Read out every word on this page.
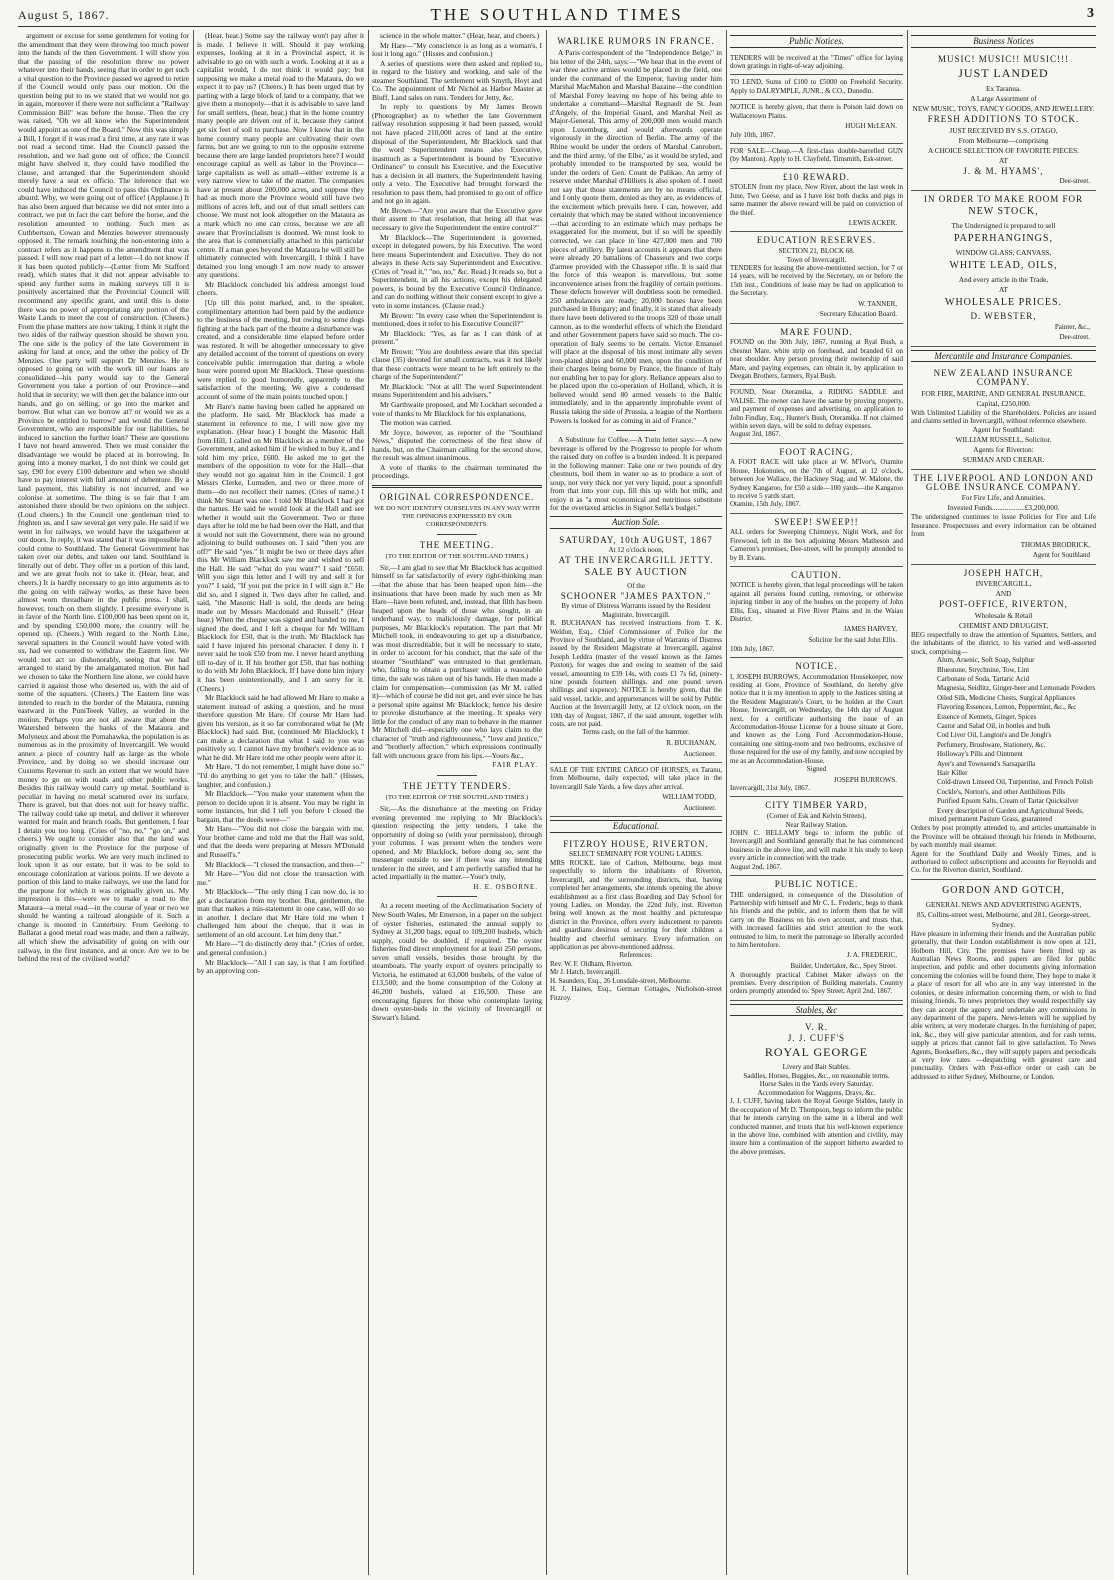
August 5, 1867.	THE SOUTHLAND TIMES	3

argument or excuse for some gentlemen for voting for the amendment that they were throwing too much power into the hands of the then Government. I will show you that the passing of the resolution threw no power whatever into their hands, seeing that in order to get such a vital question to the Province passed we agreed to retire if the Council would only pass our motion. On the question being put to us we stated that we would not go in again, moreover if there were not sufficient a "Railway Commission Bill" was before the house. Then the cry was raised, "Oh we all know who the Superintendent would appoint as one of the Board." Now this was simply a Bill, I forget if it was read a first time, at any rate it was not read a second time. Had the Council passed the resolution, and we had gone out of office, the Council might have shelved it, they could have modified the clause, and arranged that the Superintendent should merely have a seat ex officio. The inference that we could have induced the Council to pass this Ordinance is absurd. Why, we were going out of office! (Applause.) It has also been argued that because we did not enter into a contract, we put in fact the cart before the horse, and the resolution amounted to nothing. Such men as Cuthbertson, Cowan and Menzies however strenuously opposed it. The remark touching the non-entering into a contract refers as it happens to the amendment that was passed. I will now read part of a letter—I do not know if it has been quoted publicly—(Letter from Mr Stafford read), which states that it did not appear advisable to spend any further sums in making surveys till it is positively ascertained that the Provincial Council will recommend any specific grant, and until this is done there was no power of appropriating any portion of the Waste Lands to meet the cost of construction. (Cheers.) From the phase matters are now taking, I think it right the two sides of the railway question should be shown you. The one side is the policy of the late Government in asking for land at once, and the other the policy of Dr Menzies. One party will support Dr Menzies. He is opposed to going on with the work till our loans are consolidated—his party would say to the General Government you take a portion of our Province—and hold that in security; we will then get the balance into our hands, and go on selling, or go into the market and borrow. But what can we borrow at? or would we as a Province be entitled to borrow? and would the General Government, who are responsible for our liabilities, be induced to sanction the further loan? These are questions I have not heard answered. Then we must consider the disadvantage we would be placed at in borrowing. In going into a money market, I do not think we could get say, £90 for every £100 debenture and when we should have to pay interest with full amount of debenture. By a land payment, this liability is not incurred, and we colonise at sometime. The thing is so fair that I am astonished there should be two opinions on the subject. (Loud cheers.) In the Council one gentleman tried to frighten us, and I saw several get very pale. He said if we went in for railways, we would have the taxgatherer at our doors. In reply, it was stated that it was impossible he could come to Southland. The General Government has taken over our debts, and taken our land. Southland is literally out of debt. They offer us a portion of this land, and we are great fools not to take it. (Hear, hear, and cheers.) It is hardly necessary to go into arguments as to the going on with railway works, as these have been almost worn threadbare in the public press. I shall, however, touch on them slightly. I presume everyone is in favor of the North line. £100,000 has been spent on it, and by spending £50,000 more, the country will be opened up. (Cheers.) With regard to the North Line, several squatters in the Council would have voted with us, had we consented to withdraw the Eastern line. We would not act so dishonorably, seeing that we had arranged to stand by the amalgamated motion. But had we chosen to take the Northern line alone, we could have carried it against those who deserted us, with the aid of some of the squatters. (Cheers.) The Eastern line was intended to reach to the border of the Mataura, running eastward in the PuniTeeek Valley, as worded in the motion. Perhaps you are not all aware that about the Watershed between the banks of the Mataura and Molyneux and about the Pomahawka, the population is as numerous as in the proximity of Invercargill. We would annex a piece of country half as large as the whole Province, and by doing so we should increase our Customs Revenue to such an extent that we would have money to go on with roads and other public works. Besides this railway would carry up metal. Southland is peculiar in having no metal scattered over its surface. There is gravel, but that does not suit for heavy traffic. The railway could take up metal, and deliver it wherever wanted for main and branch roads. But gentlemen, I fear I detain you too long. (Cries of "no, no," "go on," and cheers.) We ought to consider also that the land was originally given to the Province for the purpose of prosecuting public works. We are very much inclined to look upon it as our estate, but it was to be sold to encourage colonization at various points. If we devote a portion of this land to make railways, we use the land for the purpose for which it was originally given us. My impression is this—were we to make a road to the Mataura—a metal road—in the course of year or two we should be wanting a railroad alongside of it. Such a change is mooted in Canterbury. From Geelong to Ballarat a good metal road was made, and then a railway, all which shew the advisability of going on with our railway, in the first instance, and at once. Are we to be behind the rest of the civilised world?

(Hear, hear.) Some say the railway won't pay after it is made. I believe it will. Should it pay working expenses, looking at it in a Provincial aspect, it is advisable to go on with such a work. Looking at it as a capitalist would, I do not think it would pay; but supposing we make a metal road to the Mataura, do we expect it to pay us? (Cheers.) It has been urged that by parting with a large block of land to a company, that we give them a monopoly—that it is advisable to save land for small settlers, (hear, hear,) that in the home country many people are driven out of it, because they cannot get six feet of soil to purchase. Now I know that in the home country many people are cultivating their own farms, but are we going to run to the opposite extreme because there are large landed proprietors here? I would encourage capital as well as labor in the Province—large capitalists as well as small—either extreme is a very narrow view to take of the matter. The companies have at present about 200,000 acres, and suppose they had as much more the Province would still have two millions of acres left, and out of that small settlers can choose. We must not look altogether on the Mataura as a mark which no one can cross, because we are all aware that Provincialism is doomed. We must look to the area that is commercially attached to this particular centre. If a man goes beyond the Mataura he will still be ultimately connected with Invercargill, I think I have detained you long enough I am now ready to answer any questions.

Mr Blacklock concluded his address amongst loud cheers.

[Up till this point marked, and, to the speaker, complimentary attention had been paid by the audience to the business of the meeting, but owing to some dogs fighting at the back part of the theatre a disturbance was created, and a considerable time elapsed before order was restored. It will be altogether unnecessary to give any detailed account of the torrent of questions on every conceivable public interrogation that during a whole hour were poured upon Mr Blacklock. These questions were replied to good humoredly, apparently to the satisfaction of the meeting. We give a condensed account of some of the main points touched upon.]

Mr Hare's name having been called he appeared on the platform. He said, Mr Blacklock has made a statement in reference to me, I will now give my explanation. (Hear hear.) I bought the Masonic Hall from Hill, I called on Mr Blacklock as a member of the Government, and asked him if he wished to buy it, and I told him my price, £600. He asked me to get the members of the opposition to vote for the Hall—that they would not go against him in the Council. I got Messrs Clerke, Lumsden, and two or three more of them—do not recollect their names. (Cries of name.) I think Mr Stuart was one. I told Mr Blacklock I had got the names. He said he would look at the Hall and see whether it would suit the Government. Two or three days after he told me he had been over the Hall, and that it would not suit the Government, there was no ground adjoining to build outhouses on. I said "then you are off?" He said "yes." It might be two or three days after this Mr William Blacklock saw me and wished to sell the Hall. He said "what do you want?" I said "£650. Will you sign this letter and I will try and sell it for you?" I said, "If you put the price in I will sign it." He did so, and I signed it. Two days after he called, and said, "the Masonic Hall is sold, the deeds are being made out by Messrs Macdonald and Russell." (Hear hear.) When the cheque was signed and handed to me, I signed the deed, and I left a cheque for Mr William Blacklock for £50, that is the truth. Mr Blacklock has said I have injured his personal character. I deny it. I never said he took £50 from me. I never heard anything till to-day of it. If his brother got £50, that has nothing to do with Mr John Blacklock. If I have done him injury it has been unintentionally, and I am sorry for it. (Cheers.)

Mr Blacklock said he had allowed Mr Hare to make a statement instead of asking a question, and he must therefore question Mr Hare. Of course Mr Hare had given his version, as it so far corroborated what he (Mr Blacklock) had said. But, (continued Mr Blacklock), I can make a declaration that what I said to you was positively so. I cannot have my brother's evidence as to what he did. Mr Hare told me other people were after it.

Mr Hare, "I do not remember, I might have done so." "I'd do anything to get you to take the hall." (Hisses, laughter, and confusion.)

Mr Blacklock—"You make your statement when the person to decide upon it is absent. You may be right in some instances, but did I tell you before I closed the bargain, that the deeds were—"

Mr Hare—"You did not close the bargain with me. Your brother came and told me that the Hall was sold, and that the deeds were preparing at Messrs M'Donald and Russell's."

Mr Blacklock—"I closed the transaction, and then—"

Mr Hare—"You did not close the transaction with me."

Mr Blacklock—"The only thing I can now do, is to get a declaration from my brother. But, gentlemen, the man that makes a mis-statement in one case, will do so in another. I declare that Mr Hare told me when I challenged him about the cheque, that it was in settlement of an old account. Let him deny that."

Mr Hare—"I do distinctly deny that." (Cries of order, and general confusion.)

Mr Blacklock—"All I can say, is that I am fortified by an approving con-

science in the whole matter." (Hear, hear, and cheers.)

Mr Hare—"My conscience is as long as a woman's, I lost it long ago." (Hisses and confusion.)

A series of questions were then asked and replied to, in regard to the history and working, and sale of the steamer Southland. The settlement with Smyth, Hoyt and Co. The appointment of Mr Nichol as Harbor Master at Bluff. Land sales on runs. Tenders for Jetty, &c.

In reply to questions by Mr James Brown (Photographer) as to whether the late Government railway resolution supposing it had been passed, would not have placed 210,000 acres of land at the entire disposal of the Superintendent, Mr Blacklock said that the word Superintendent means also Executive, inasmuch as a Superintendent is bound by "Executive Ordinance" to consult his Executive, and the Executive has a decision in all matters, the Superintendent having only a veto. The Executive had brought forward the resolution to pass them, had promised to go out of office and not go in again.

Mr Brown—"Are you aware that the Executive gave their assent to that resolution, that being all that was necessary to give the Superintendent the entire control?"

Mr Blacklock—The Superintendent is governed, except in delegated powers, by his Executive. The word here means Superintendent and Executive. They do not always in these Acts say Superintendent and Executive. (Cries of "read it," "no, no," &c. Read.) It reads so, but a Superintendent, in all his actions, except his delegated powers, is bound by the Executive Council Ordinance, and can do nothing without their consent except to give a veto in some instances. (Clause read.)

Mr Brown: "In every case when the Superintendent is mentioned, does it refer to his Executive Council?"

Mr Blacklock: "Yes, as far as I can think of at present."

Mr Brown: "You are doubtless aware that this special clause (35) devoted for small contracts, was it not likely that these contracts were meant to be left entirely to the charge of the Superintendent?"

Mr Blacklock: "Not at all! The word Superintendent means Superintendent and his advisers."

Mr Garthwaite proposed, and Mr Lockhart seconded a vote of thanks to Mr Blacklock for his explanations,

The motion was carried.

Mr Joyce, however, as reporter of the "Southland News," disputed the correctness of the first show of hands, but, on the Chairman calling for the second show, the result was almost unanimous.

A vote of thanks to the chairman terminated the proceedings.

ORIGINAL CORRESPONDENCE.
WE DO NOT IDENTIFY OURSELVES IN ANY WAY WITH THE OPINIONS EXPRESSED BY OUR CORRESPONDENTS.
THE MEETING.
(TO THE EDITOR OF THE SOUTHLAND TIMES.)

Sir,—I am glad to see that Mr Blacklock has acquitted himself so far satisfactorily of every right-thinking man—that the abuse that has been heaped upon him—the insinuations that have been made by such men as Mr Hare—have been refuted, and, instead, that filth has been heaped upon the heads of those who sought, in an underhand way, to maliciously damage, for political purposes, Mr Blacklock's reputation. The part that Mr Mitchell took, in endeavouring to get up a disturbance, was most discreditable, but it will be necessary to state, in order to account for his conduct, that the sale of the steamer "Southland" was entrusted to that gentleman, who, failing to obtain a purchaser within a reasonable time, the sale was taken out of his hands. He then made a claim for compensation—commission (as Mr M. called it)—which of course he did not get, and ever since he has a personal spite against Mr Blacklock; hence his desire to provoke disturbance at the meeting. It speaks very little for the conduct of any man to behave in the manner Mr Mitchell did—especially one who lays claim to the character of "truth and righteousness," "love and justice," and "brotherly affection," which expressions continually fall with unctuous grace from his lips.—Yours &c.,

FAIR PLAY.
THE JETTY TENDERS.
(TO THE EDITOR OF THE SOUTHLAND TIMES.)

Sir,—As the disturbance at the meeting on Friday evening prevented me replying to Mr Blacklock's question respecting the jetty tenders, I take the opportunity of doing so (with your permission), through your columns. I was present when the tenders were opened, and Mr Blacklock, before doing so, sent the messenger outside to see if there was any intending tenderer in the street, and I am perfectly satisfied that he acted impartially in the matter.—Your's truly,

H. E. OSBORNE.

At a recent meeting of the Acclimatisation Society of New South Wales, Mr Emerson, in a paper on the subject of oyster fisheries, estimated the annual supply to Sydney at 31,200 bags, equal to 109,200 bushels, which supply, could be doubled, if required. The oyster fisheries find direct employment for at least 250 persons, seven small vessels, besides those brought by the steamboats. The yearly export of oysters principally to Victoria, he estimated at 63,000 bushels, of the value of £13,500; and the home consumption of the Colony at 46,200 bushels, valued at £16,500. These are encouraging figures for those who contemplate laying down oyster-beds in the vicinity of Invercargill or Stewart's Island.

WARLIKE RUMORS IN FRANCE.

A Paris correspondent of the "Independence Belge," in his letter of the 24th, says:—"We hear that in the event of war three active armies would be placed in the field, one under the command of the Emperor, having under him Marshal MacMahon and Marshal Bazaine—the condition of Marshal Forey leaving no hope of his being able to undertake a command—Marshal Regnault de St. Jean d'Angely, of the Imperial Guard, and Marshal Neil as Major-General. This army of 200,000 men would march upon Luxemburg, and would afterwards operate vigorously in the direction of Berlin. The army of the Rhine would be under the orders of Marshal Canrobert, and the third army, 'of the Elbe,' as it would be styled, and probably intended to be transported by sea, would be under the orders of Gen. Count de Palikao. An army of reserve under Marshal d'Hilliers is also spoken of. I need not say that those statements are by no means official, and I only quote them, denied as they are, as evidences of the excitement which prevails here. I can, however, add certainly that which may be stated without inconvenience—that according to an estimate which may perhaps be exaggerated for the moment, but if so will be speedily corrected, we can place in line 427,000 men and 700 pieces of artillery. By latest accounts it appears that there were already 20 battalions of Chasseurs and two corps d'armee provided with the Chassepot rifle. It is said that the force of this weapon is marvellous, but some inconvenience arises from the fragility of certain portions. These defects however will doubtless soon be remedied. 250 ambulances are ready; 20,000 horses have been purchased in Hungary; and finally, it is stated that already there have been delivered to the troops 320 of those small cannon, as to the wonderful effects of which the Etendard and other Government papers have said so much. The co-operation of Italy seems to be certain. Victor Emanuel will place at the disposal of his most intimate ally seven iron-plated ships and 60,000 men, upon the condition of their charges being borne by France, the finance of Italy not enabling her to pay for glory. Reliance appears also to be placed upon the co-operation of Holland, which, it is believed would send 80 armed vessels to the Baltic immediately, and in the apparently improbable event of Russia taking the side of Prussia, a league of the Northern Powers is looked for as coming in aid of France."

A Substitute for Coffee.—A Turin letter says:—A new beverage is offered by the Progresso to people for whom the raised duty on coffee is a burden indeed. It is prepared in the following manner: Take one or two pounds of dry chestnuts, boil them in water so as to produce a sort of soup, not very thick nor yet very liquid, pour a spoonfull from that into your cup, fill this up with hot milk, and enjoy it as "a most economical and nutritious substitute for the overtaxed articles in Signor Sella's budget."

Auction Sale.
SATURDAY, 10th AUGUST, 1867
At 12 o'clock noon,
AT THE INVERCARGILL JETTY.
SALE BY AUCTION
Of the
SCHOONER "JAMES PAXTON."
By virtue of Distress Warrants issued by the Resident Magistrate, Invercargill.

R. BUCHANAN has received instructions from T. K. Weldon, Esq., Chief Commissioner of Police for the Province of Southland, and by virtue of Warrants of Distress issued by the Resident Magistrate at Invercargill, against Joseph Leddra (master of the vessel known as the James Paxton), for wages due and owing to seamen of the said vessel, amounting to £39 14s, with costs £1 7s 6d, (ninety-nine pounds fourteen shillings, and one pound seven shillings and sixpence). NOTICE is hereby given, that the said vessel, tackle, and appurtenances will be sold by Public Auction at the Invercargill Jetty, at 12 o'clock noon, on the 10th day of August, 1867, if the said amount, together with costs, are not paid.

Terms cash, on the fall of the hammer.
R. BUCHANAN,
Auctioneer.

SALE OF THE ENTIRE CARGO OF HORSES, ex Taranu, from Melbourne, daily expected, will take place in the Invercargill Sale Yards, a few days after arrival.

WILLIAM TODD,
Auctioneer.
Educational.
FITZROY HOUSE, RIVERTON.
SELECT SEMINARY FOR YOUNG LADIES.

MRS ROCKE, late of Carlton, Melbourne, begs most respectfully to inform the inhabitants of Riverton, Invercargill, and the surrounding districts, that, having completed her arrangements, she intends opening the above establishment as a first class Boarding and Day School for young Ladies, on Monday, the 22nd July, inst. Riverton being well known as the most healthy and picturesque district in the Province, offers every inducement to parents and guardians desirous of securing for their children a healthy and cheerful seminary. Every information on application as per above-mentioned address.

References:

Rev. W. F. Oldham, Riverton.

Mr J. Hatch, Invercargill.

H. Saunders, Esq., 26 Lonsdale-street, Melbourne.

H. J. Haines, Esq., German Cottages, Nicholson-street Fitzroy.

Public Notices.

TENDERS will be received at the "Times" office for laying down gratings in right-of-way adjoining.

TO LEND, Sums of £100 to £5000 on Freehold Security. Apply to DALRYMPLE, JUNR., & CO., Dunedin.

NOTICE is hereby given, that there is Poison laid down on Wallacetown Plains.

HUGH McLEAN.

July 10th, 1867.

FOR SALE—Cheap.—A first-class double-barrelled GUN (by Manton). Apply to H. Clayfield, Timsmith, Esk-street.

£10 REWARD.

STOLEN from my place, New River, about the last week in June, Two Geese, and as I have lost both ducks and pigs in same manner the above reward will be paid on conviction of the thief.

LEWIS ACKER.
EDUCATION RESERVES.
SECTION 21, BLOCK 68.
Town of Invercargill.

TENDERS for leasing the above-mentioned section, for 7 or 14 years, will be received by the Secretary, on or before the 15th inst., Conditions of lease may be had on application to the Secretary.

W. TANNER,
Secretary Education Board.
MARE FOUND.

FOUND on the 30th July, 1867, running at Ryal Bush, a chesnut Mare, white strip on forehead, and branded 61 on near shoulder. Any person proving their ownership of said Mare, and paying expenses, can obtain it, by application to Deegan Brothers, farmers, Ryal Bush.

FOUND, Near Oteramika, a RIDING SADDLE and VALISE. The owner can have the same by proving property, and payment of expenses and advertising, on application to John Findlay, Esq., Hunter's Bush, Oteramika. If not claimed within seven days, will be sold to defray expenses.

August 3rd, 1867.

FOOT RACING.

A FOOT RACE will take place at W. M'Ivor's, Otamite House, Hokonuies, on the 7th of August, at 12 o'clock, between Joe Wallace, the Hackney Stag, and W. Malone, the Sydney Kangaroo, for £50 a side—100 yards—the Kangaroo to receive 5 yards start.

Otamite, 15th July, 1867.

SWEEP! SWEEP!!

ALL orders for Sweeping Chimneys, Night Work, and for Firewood, left in the box adjoining Messrs Matheson and Cameron's premises, Dee-street, will be promptly attended to by B. Evans.

CAUTION.

NOTICE is hereby given, that legal proceedings will be taken against all persons found cutting, removing, or otherwise injuring timber in any of the bushes on the property of John Ellis, Esq., situated at Five River Plains and in the Waiau District.

JAMES HARVEY,
Solicitor for the said John Ellis.

10th July, 1867.

NOTICE.

I, JOSEPH BURROWS, Accommodation Housekeeper, now residing at Gore, Province of Southland, do hereby give notice that it is my intention to apply to the Justices sitting at the Resident Magistrate's Court, to be holden at the Court House, Invercargill, on Wednesday, the 14th day of August next, for a certificate authorising the issue of an Accommodation-House License for a house situate at Gore, and known as the Long Ford Accommodation-House, containing one sitting-room and two bedrooms, exclusive of those required for the use of my family, and now occupied by me as an Accommodation-House.

Signed
JOSEPH BURROWS.

Invercargill, 31st July, 1867.

CITY TIMBER YARD,
(Corner of Esk and Kelvin Streets),
Near Railway Station.

JOHN C. BELLAMY begs to inform the public of Invercargill and Southland generally that he has commenced business in the above line, and will make it his study to keep every article in connection with the trade.

August 2nd, 1867.

PUBLIC NOTICE.

THE undersigned, in consequence of the Dissolution of Partnership with himself and Mr C. L. Frederic, begs to thank his friends and the public, and to inform them that he will carry on the Business on his own account, and trusts that, with increased facilities and strict attention to the work entrusted to him, to merit the patronage so liberally accorded to him heretofore.

J. A. FREDERIC,
Builder, Undertaker, &c., Spey Street.

A thoroughly practical Cabinet Maker always on the premises. Every description of Building materials. Country orders promptly attended to. Spey Street, April 2nd, 1867.

Stables, &c
V. R.
J. J. CUFF'S
ROYAL GEORGE
Livery and Bait Stables.
Saddles, Horses, Buggies, &c., on reasonable terms.
Horse Sales in the Yards every Saturday.
Accommodation for Waggons, Drays, &c.

J. J. CUFF, having taken the Royal George Stables, lately in the occupation of Mr D. Thompson, begs to inform the public that he intends carrying on the same in a liberal and well conducted manner, and trusts that his well-known experience in the above line, combined with attention and civility, may insure him a continuation of the support hitherto awarded to the above premises.

Business Notices
MUSIC! MUSIC!! MUSIC!!!
JUST LANDED
Ex Taranua.
A Large Assortment of
NEW MUSIC, TOYS, FANCY GOODS, AND JEWELLERY.
FRESH ADDITIONS TO STOCK.
JUST RECEIVED BY S.S. OTAGO,
From Melbourne—comprising
A CHOICE SELECTION OF FAVORITE PIECES.
AT
J. & M. HYAMS',
Dee-street.
IN ORDER TO MAKE ROOM FOR
NEW STOCK,
The Undersigned is prepared to sell
PAPERHANGINGS,
WINDOW GLASS, CANVASS,
WHITE LEAD, OILS,
And every article in the Trade,
AT
WHOLESALE PRICES.
D. WEBSTER,
Painter, &c.,
Dee-street.
Mercantile and Insurance Companies.
NEW ZEALAND INSURANCE COMPANY.
FOR FIRE, MARINE, AND GENERAL INSURANCE.
Capital, £250,000.

With Unlimited Liability of the Shareholders. Policies are issued and claims settled in Invercargill, without reference elsewhere.

Agent for Southland:
WILLIAM RUSSELL, Solicitor.
Agents for Riverton:
SURMAN AND CRERAR.
THE LIVERPOOL AND LONDON AND GLOBE INSURANCE COMPANY.
For Fire Life, and Annuities.
Invested Funds..................£3,200,000.

The undersigned continues to issue Policies for Fire and Life Insurance. Prospectuses and every information can be obtained from

THOMAS BRODRICK,
Agent for Southland
JOSEPH HATCH,
INVERCARGILL,
AND
POST-OFFICE, RIVERTON,
Wholesale & Retail
CHEMIST AND DRUGGIST,

BEG respectfully to draw the attention of Squatters, Settlers, and the inhabitants of the district, to his varied and well-assorted stock, comprising—

Alum, Arsenic, Soft Soap, Sulphur

Bluestone, Strychnine, Tow, Lint

Carbonate of Soda, Tartaric Acid

Magnesia, Seidlitz, Ginger-beer and Lemonade Powders

Oiled Silk, Medicine Chests, Surgical Appliances

Flavoring Essences, Lemon, Peppermint, &c., &c

Essence of Kennets, Ginger, Spices

Castor and Salad Oil, in bottles and bulk

Cod Liver Oil, Langton's and De Jongh's

Perfumery, Brushware, Stationery, &c.

Holloway's Pills and Ointment

Ayer's and Townsend's Sarsaparilla

Hair Killer

Cold-drawn Linseed Oil, Turpentine, and French Polish

Cockle's, Norton's, and other Antibilious Pills

Purified Epsom Salts, Cream of Tartar Quicksilver

Every description of Garden and Agricultural Seeds, mixed permanent Pasture Grass, guaranteed

Orders by post promptly attended to, and articles unattainable in the Province will be obtained through his friends in Melbourne, by each monthly mail steamer.

Agent for the Southland Daily and Weekly Times, and is authorised to collect subscriptions and accounts for Reynolds and Co. for the Riverton district, Southland.

GORDON AND GOTCH,
GENERAL NEWS AND ADVERTISING AGENTS,
85, Collins-street west, Melbourne, and 281, George-street, Sydney.

Have pleasure in informing their friends and the Australian public generally, that their London establishment is now open at 121, Holborn Hill, City. The premises have been fitted up as Australian News Rooms, and papers are filed for public inspection, and public and other documents giving information concerning the colonies will be found there. They hope to make it a place of resort for all who are in any way interested in the colonies, or desire information concerning them, or wish to find missing friends. To news proprietors they would respectfully say they can accept the agency and undertake any commissions in any department of the papers. News-letters will be supplied by able writers, at very moderate charges. In the furnishing of paper, ink, &c., they will give particular attention, and for cash terms, supply at prices that cannot fail to give satisfaction. To News Agents, Booksellers, &c., they will supply papers and periodicals at very low rates —despatching with greatest care and punctuality. Orders with Post-office order or cash can be addressed to either Sydney, Melbourne, or London.
